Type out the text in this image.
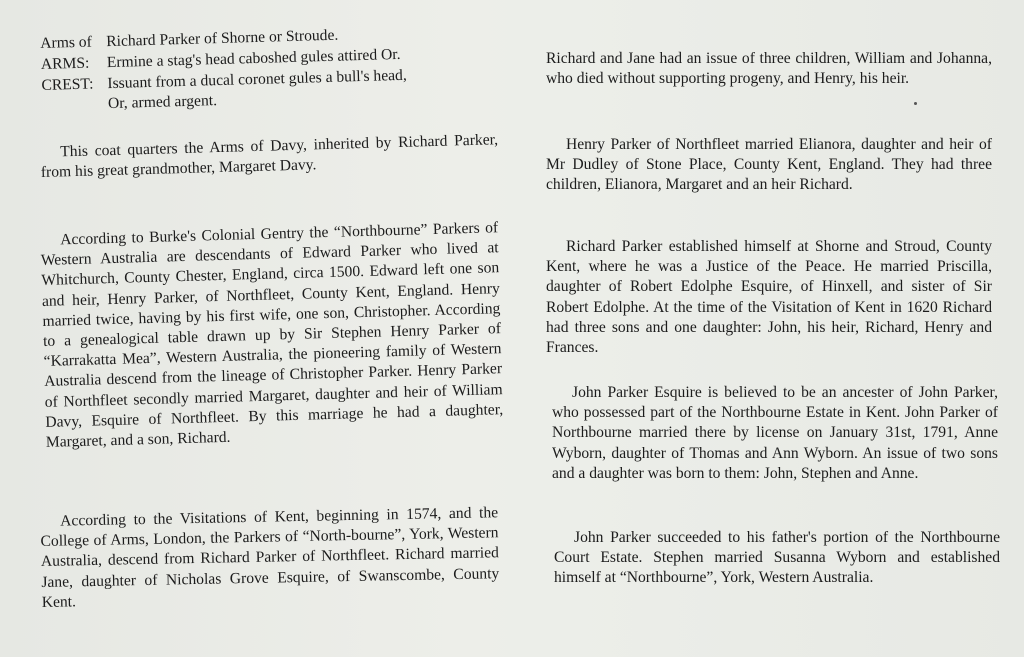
Arms of Richard Parker of Shorne or Stroude.
ARMS:	Ermine a stag's head caboshed gules attired Or.
CREST: Issuant from a ducal coronet gules a bull's head,
Or, armed argent.

This coat quarters the Arms of Davy, inherited by Richard Parker, from his great grandmother, Margaret Davy.

According to Burke's Colonial Gentry the “Northbourne” Parkers of Western Australia are descendants of Edward Parker who lived at Whitchurch, County Chester, England, circa 1500. Edward left one son and heir, Henry Parker, of Northfleet, County Kent, England. Henry married twice, having by his first wife, one son, Christopher. According to a genealogical table drawn up by Sir Stephen Henry Parker of “Karrakatta Mea”, Western Australia, the pioneering family of Western Australia descend from the lineage of Christopher Parker. Henry Parker of Northfleet secondly married Margaret, daughter and heir of William Davy, Esquire of Northfleet. By this marriage he had a daughter, Margaret, and a son, Richard.

According to the Visitations of Kent, beginning in 1574, and the College of Arms, London, the Parkers of “North-bourne”, York, Western Australia, descend from Richard Parker of Northfleet. Richard married Jane, daughter of Nicholas Grove Esquire, of Swanscombe, County Kent.

Richard and Jane had an issue of three children, William and Johanna, who died without supporting progeny, and Henry, his heir.

Henry Parker of Northfleet married Elianora, daughter and heir of Mr Dudley of Stone Place, County Kent, England. They had three children, Elianora, Margaret and an heir Richard.

Richard Parker established himself at Shorne and Stroud, County Kent, where he was a Justice of the Peace. He married Priscilla, daughter of Robert Edolphe Esquire, of Hinxell, and sister of Sir Robert Edolphe. At the time of the Visitation of Kent in 1620 Richard had three sons and one daughter: John, his heir, Richard, Henry and Frances.

John Parker Esquire is believed to be an ancester of John Parker, who possessed part of the Northbourne Estate in Kent. John Parker of Northbourne married there by license on January 31st, 1791, Anne Wyborn, daughter of Thomas and Ann Wyborn. An issue of two sons and a daughter was born to them: John, Stephen and Anne.

John Parker succeeded to his father's portion of the Northbourne Court Estate. Stephen married Susanna Wyborn and established himself at “Northbourne”, York, Western Australia.
